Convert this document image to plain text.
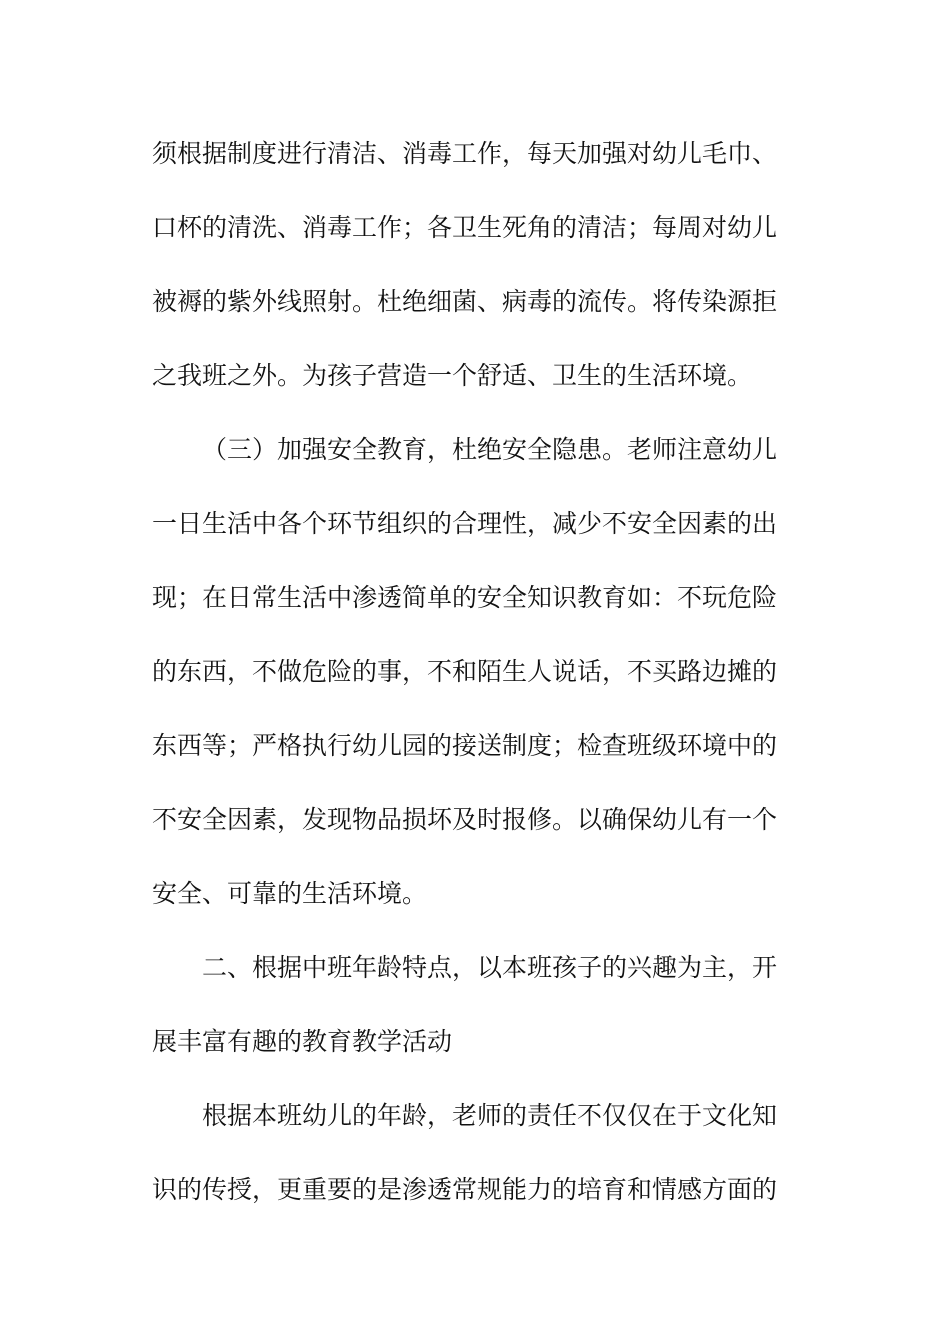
须根据制度进行清洁、消毒工作，每天加强对幼儿毛巾、
口杯的清洗、消毒工作；各卫生死角的清洁；每周对幼儿
被褥的紫外线照射。杜绝细菌、病毒的流传。将传染源拒
之我班之外。为孩子营造一个舒适、卫生的生活环境。
（三）加强安全教育，杜绝安全隐患。老师注意幼儿
一日生活中各个环节组织的合理性，减少不安全因素的出
现；在日常生活中渗透简单的安全知识教育如：不玩危险
的东西，不做危险的事，不和陌生人说话，不买路边摊的
东西等；严格执行幼儿园的接送制度；检查班级环境中的
不安全因素，发现物品损坏及时报修。以确保幼儿有一个
安全、可靠的生活环境。
二、根据中班年龄特点，以本班孩子的兴趣为主，开
展丰富有趣的教育教学活动
根据本班幼儿的年龄，老师的责任不仅仅在于文化知
识的传授，更重要的是渗透常规能力的培育和情感方面的
